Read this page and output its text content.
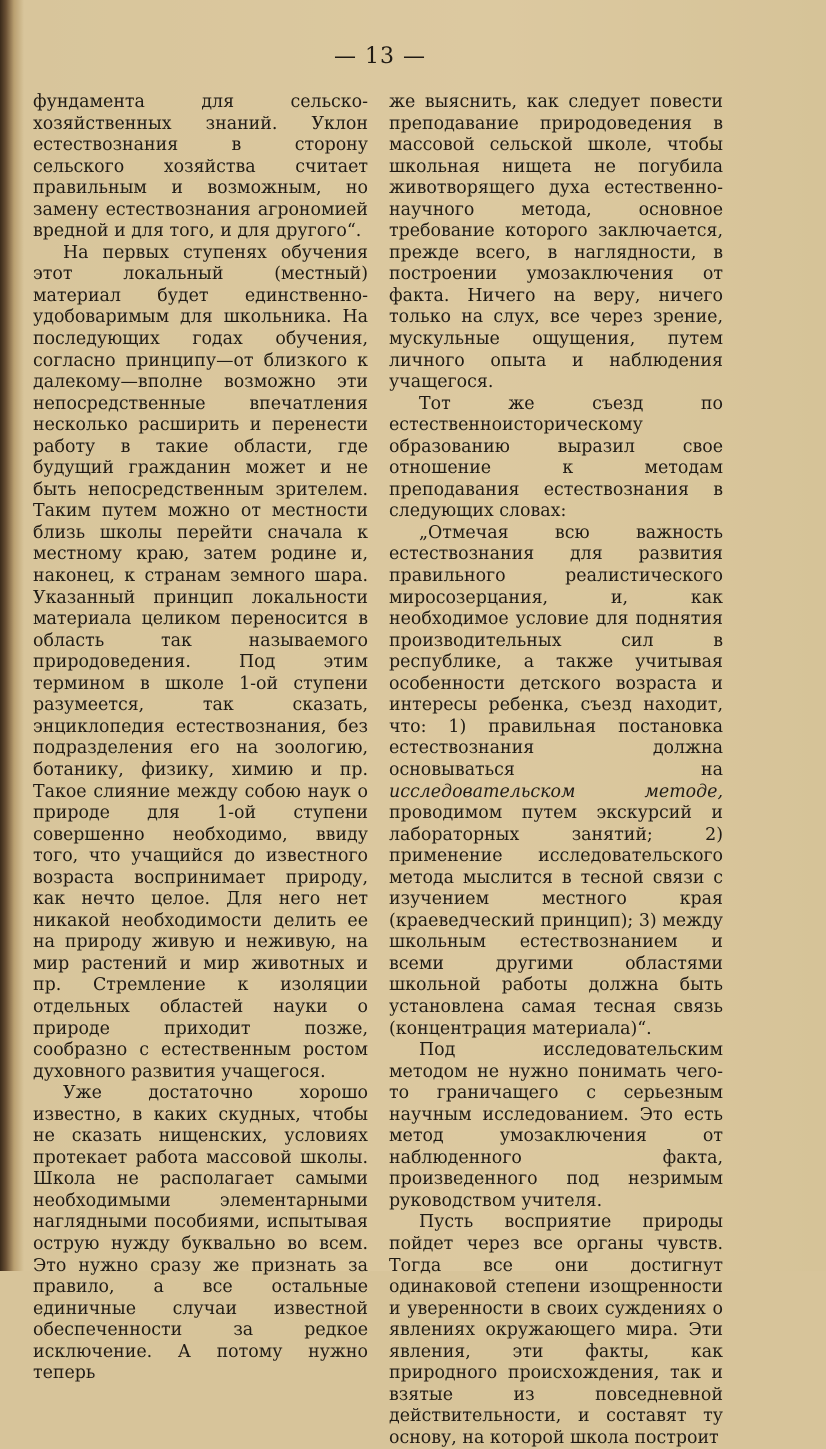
— 13 —

фундамента для сельско-хозяйственных знаний. Уклон естествознания в сторону сельского хозяйства считает правильным и возможным, но замену естествознания агрономией вредной и для того, и для другого“.

На первых ступенях обучения этот локальный (местный) материал будет единственно-удобоваримым для школьника. На последующих годах обучения, согласно принципу—от близкого к далекому—вполне возможно эти непосредственные впечатления несколько расширить и перенести работу в такие области, где будущий гражданин может и не быть непосредственным зрителем. Таким путем можно от местности близь школы перейти сначала к местному краю, затем родине и, наконец, к странам земного шара. Указанный принцип локальности материала целиком переносится в область так называемого природоведения. Под этим термином в школе 1-ой ступени разумеется, так сказать, энциклопедия естествознания, без подразделения его на зоологию, ботанику, физику, химию и пр. Такое слияние между собою наук о природе для 1-ой ступени совершенно необходимо, ввиду того, что учащийся до известного возраста воспринимает природу, как нечто целое. Для него нет никакой необходимости делить ее на природу живую и неживую, на мир растений и мир животных и пр. Стремление к изоляции отдельных областей науки о природе приходит позже, сообразно с естественным ростом духовного развития учащегося.

Уже достаточно хорошо известно, в каких скудных, чтобы не сказать нищенских, условиях протекает работа массовой школы. Школа не располагает самыми необходимыми элементарными наглядными пособиями, испытывая острую нужду буквально во всем. Это нужно сразу же признать за правило, а все остальные единичные случаи известной обеспеченности за редкое исключение. А потому нужно теперь

же выяснить, как следует повести преподавание природоведения в массовой сельской школе, чтобы школьная нищета не погубила животворящего духа естественно-научного метода, основное требование которого заключается, прежде всего, в наглядности, в построении умозаключения от факта. Ничего на веру, ничего только на слух, все через зрение, мускульные ощущения, путем личного опыта и наблюдения учащегося.

Тот же съезд по естественноисторическому образованию выразил свое отношение к методам преподавания естествознания в следующих словах:

„Отмечая всю важность естествознания для развития правильного реалистического миросозерцания, и, как необходимое условие для поднятия производительных сил в республике, а также учитывая особенности детского возраста и интересы ребенка, съезд находит, что: 1) правильная постановка естествознания должна основываться на исследовательском методе, проводимом путем экскурсий и лабораторных занятий; 2) применение исследовательского метода мыслится в тесной связи с изучением местного края (краеведческий принцип); 3) между школьным естествознанием и всеми другими областями школьной работы должна быть установлена самая тесная связь (концентрация материала)“.

Под исследовательским методом не нужно понимать чего-то граничащего с серьезным научным исследованием. Это есть метод умозаключения от наблюденного факта, произведенного под незримым руководством учителя.

Пусть восприятие природы пойдет через все органы чувств. Тогда все они достигнут одинаковой степени изощренности и уверенности в своих суждениях о явлениях окружающего мира. Эти явления, эти факты, как природного происхождения, так и взятые из повседневной действительности, и составят ту основу, на которой школа построит
